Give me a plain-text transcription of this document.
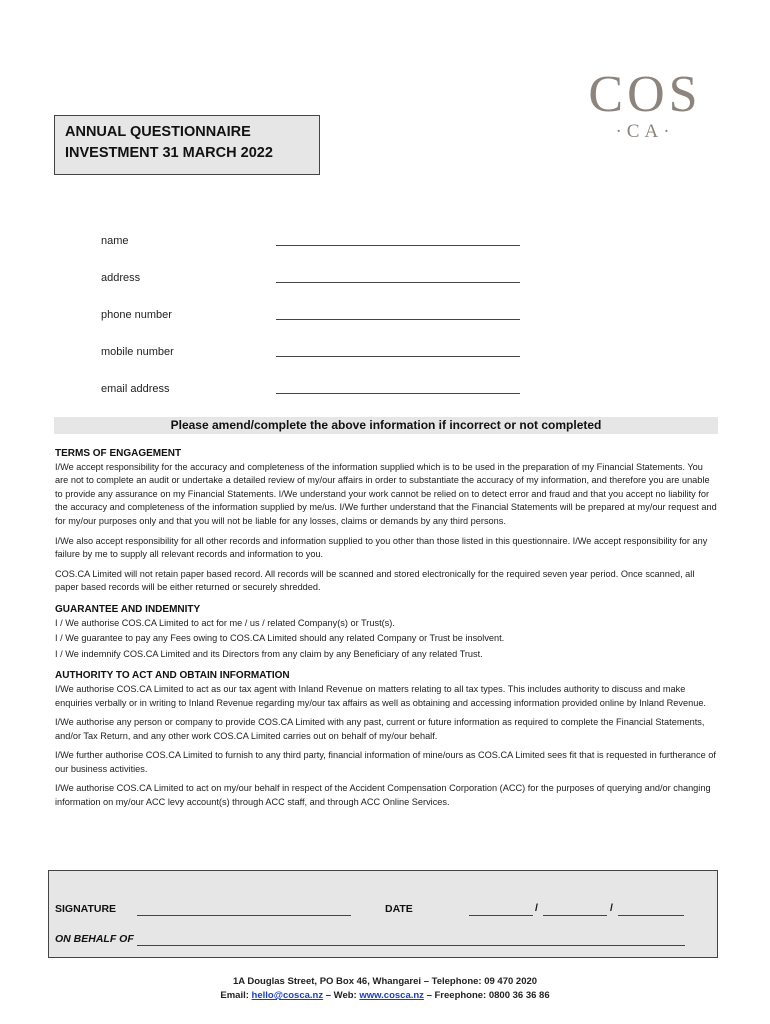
ANNUAL QUESTIONNAIRE
INVESTMENT 31 MARCH 2022
COS
·CA·
name
address
phone number
mobile number
email address
Please amend/complete the above information if incorrect or not completed
TERMS OF ENGAGEMENT

I/We accept responsibility for the accuracy and completeness of the information supplied which is to be used in the preparation of my Financial Statements. You are not to complete an audit or undertake a detailed review of my/our affairs in order to substantiate the accuracy of my information, and therefore you are unable to provide any assurance on my Financial Statements. I/We understand your work cannot be relied on to detect error and fraud and that you accept no liability for the accuracy and completeness of the information supplied by me/us. I/We further understand that the Financial Statements will be prepared at my/our request and for my/our purposes only and that you will not be liable for any losses, claims or demands by any third persons.

I/We also accept responsibility for all other records and information supplied to you other than those listed in this questionnaire. I/We accept responsibility for any failure by me to supply all relevant records and information to you.

COS.CA Limited will not retain paper based record. All records will be scanned and stored electronically for the required seven year period. Once scanned, all paper based records will be either returned or securely shredded.

GUARANTEE AND INDEMNITY

I / We authorise COS.CA Limited to act for me / us / related Company(s) or Trust(s).

I / We guarantee to pay any Fees owing to COS.CA Limited should any related Company or Trust be insolvent.

I / We indemnify COS.CA Limited and its Directors from any claim by any Beneficiary of any related Trust.

AUTHORITY TO ACT AND OBTAIN INFORMATION

I/We authorise COS.CA Limited to act as our tax agent with Inland Revenue on matters relating to all tax types. This includes authority to discuss and make enquiries verbally or in writing to Inland Revenue regarding my/our tax affairs as well as obtaining and accessing information provided online by Inland Revenue.

I/We authorise any person or company to provide COS.CA Limited with any past, current or future information as required to complete the Financial Statements, and/or Tax Return, and any other work COS.CA Limited carries out on behalf of my/our behalf.

I/We further authorise COS.CA Limited to furnish to any third party, financial information of mine/ours as COS.CA Limited sees fit that is requested in furtherance of our business activities.

I/We authorise COS.CA Limited to act on my/our behalf in respect of the Accident Compensation Corporation (ACC) for the purposes of querying and/or changing information on my/our ACC levy account(s) through ACC staff, and through ACC Online Services.

SIGNATURE	DATE	/	/
ON BEHALF OF
1A Douglas Street, PO Box 46, Whangarei – Telephone: 09 470 2020
Email: hello@cosca.nz – Web: www.cosca.nz – Freephone: 0800 36 36 86
